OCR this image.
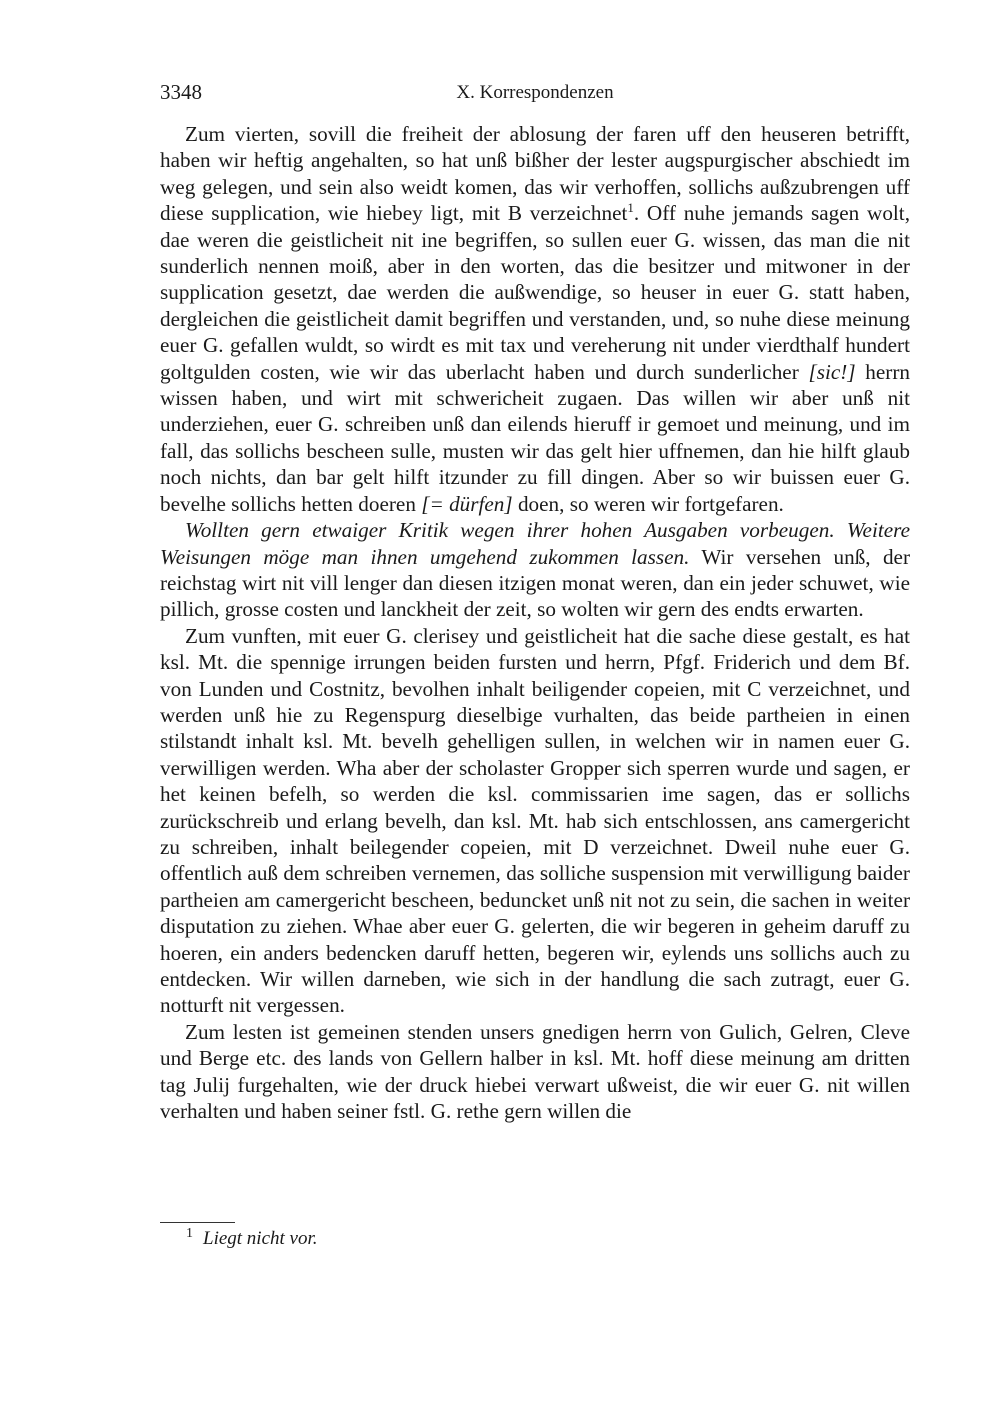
3348	X. Korrespondenzen

Zum vierten, sovill die freiheit der ablosung der faren uff den heuseren betrifft, haben wir heftig angehalten, so hat unß bißher der lester augspurgischer abschiedt im weg gelegen, und sein also weidt komen, das wir verhoffen, sollichs außzubrengen uff diese supplication, wie hiebey ligt, mit B verzeichnet$^1$. Off nuhe jemands sagen wolt, dae weren die geistlicheit nit ine begriffen, so sullen euer G. wissen, das man die nit sunderlich nennen moiß, aber in den worten, das die besitzer und mitwoner in der supplication gesetzt, dae werden die außwendige, so heuser in euer G. statt haben, dergleichen die geistlicheit damit begriffen und verstanden, und, so nuhe diese meinung euer G. gefallen wuldt, so wirdt es mit tax und vereherung nit under vierdthalf hundert goltgulden costen, wie wir das uberlacht haben und durch sunderlicher [sic!] herrn wissen haben, und wirt mit schwericheit zugaen. Das willen wir aber unß nit underziehen, euer G. schreiben unß dan eilends hieruff ir gemoet und meinung, und im fall, das sollichs bescheen sulle, musten wir das gelt hier uffnemen, dan hie hilft glaub noch nichts, dan bar gelt hilft itzunder zu fill dingen. Aber so wir buissen euer G. bevelhe sollichs hetten doeren [= dürfen] doen, so weren wir fortgefaren.

Wollten gern etwaiger Kritik wegen ihrer hohen Ausgaben vorbeugen. Weitere Weisungen möge man ihnen umgehend zukommen lassen. Wir versehen unß, der reichstag wirt nit vill lenger dan diesen itzigen monat weren, dan ein jeder schuwet, wie pillich, grosse costen und lanckheit der zeit, so wolten wir gern des endts erwarten.

Zum vunften, mit euer G. clerisey und geistlicheit hat die sache diese gestalt, es hat ksl. Mt. die spennige irrungen beiden fursten und herrn, Pfgf. Friderich und dem Bf. von Lunden und Costnitz, bevolhen inhalt beiligender copeien, mit C verzeichnet, und werden unß hie zu Regenspurg dieselbige vurhalten, das beide partheien in einen stilstandt inhalt ksl. Mt. bevelh gehelligen sullen, in welchen wir in namen euer G. verwilligen werden. Wha aber der scholaster Gropper sich sperren wurde und sagen, er het keinen befelh, so werden die ksl. commissarien ime sagen, das er sollichs zurückschreib und erlang bevelh, dan ksl. Mt. hab sich entschlossen, ans camergericht zu schreiben, inhalt beilegender copeien, mit D verzeichnet. Dweil nuhe euer G. offentlich auß dem schreiben vernemen, das solliche suspension mit verwilligung baider partheien am camergericht bescheen, beduncket unß nit not zu sein, die sachen in weiter disputation zu ziehen. Whae aber euer G. gelerten, die wir begeren in geheim daruff zu hoeren, ein anders bedencken daruff hetten, begeren wir, eylends uns sollichs auch zu entdecken. Wir willen darneben, wie sich in der handlung die sach zutragt, euer G. notturft nit vergessen.

Zum lesten ist gemeinen stenden unsers gnedigen herrn von Gulich, Gelren, Cleve und Berge etc. des lands von Gellern halber in ksl. Mt. hoff diese meinung am dritten tag Julij furgehalten, wie der druck hiebei verwart ußweist, die wir euer G. nit willen verhalten und haben seiner fstl. G. rethe gern willen die

$^1$ Liegt nicht vor.
